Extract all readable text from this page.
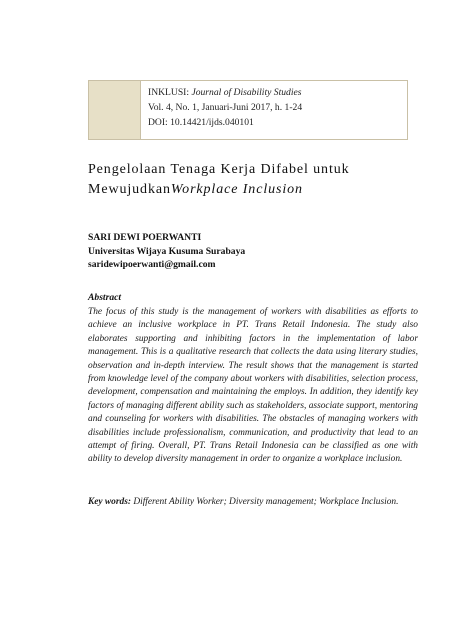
INKLUSI: Journal of Disability Studies
Vol. 4, No. 1, Januari-Juni 2017, h. 1-24
DOI: 10.14421/ijds.040101
Pengelolaan Tenaga Kerja Difabel untuk
MewujudkanWorkplace Inclusion
SARI DEWI POERWANTI
Universitas Wijaya Kusuma Surabaya
saridewipoerwanti@gmail.com
Abstract
The focus of this study is the management of workers with disabilities as efforts to achieve an inclusive workplace in PT. Trans Retail Indonesia. The study also elaborates supporting and inhibiting factors in the implementation of labor management. This is a qualitative research that collects the data using literary studies, observation and in-depth interview. The result shows that the management is started from knowledge level of the company about workers with disabilities, selection process, development, compensation and maintaining the employs. In addition, they identify key factors of managing different ability such as stakeholders, associate support, mentoring and counseling for workers with disabilities. The obstacles of managing workers with disabilities include professionalism, communication, and productivity that lead to an attempt of firing. Overall, PT. Trans Retail Indonesia can be classified as one with ability to develop diversity management in order to organize a workplace inclusion.
Key words: Different Ability Worker; Diversity management; Workplace Inclusion.
